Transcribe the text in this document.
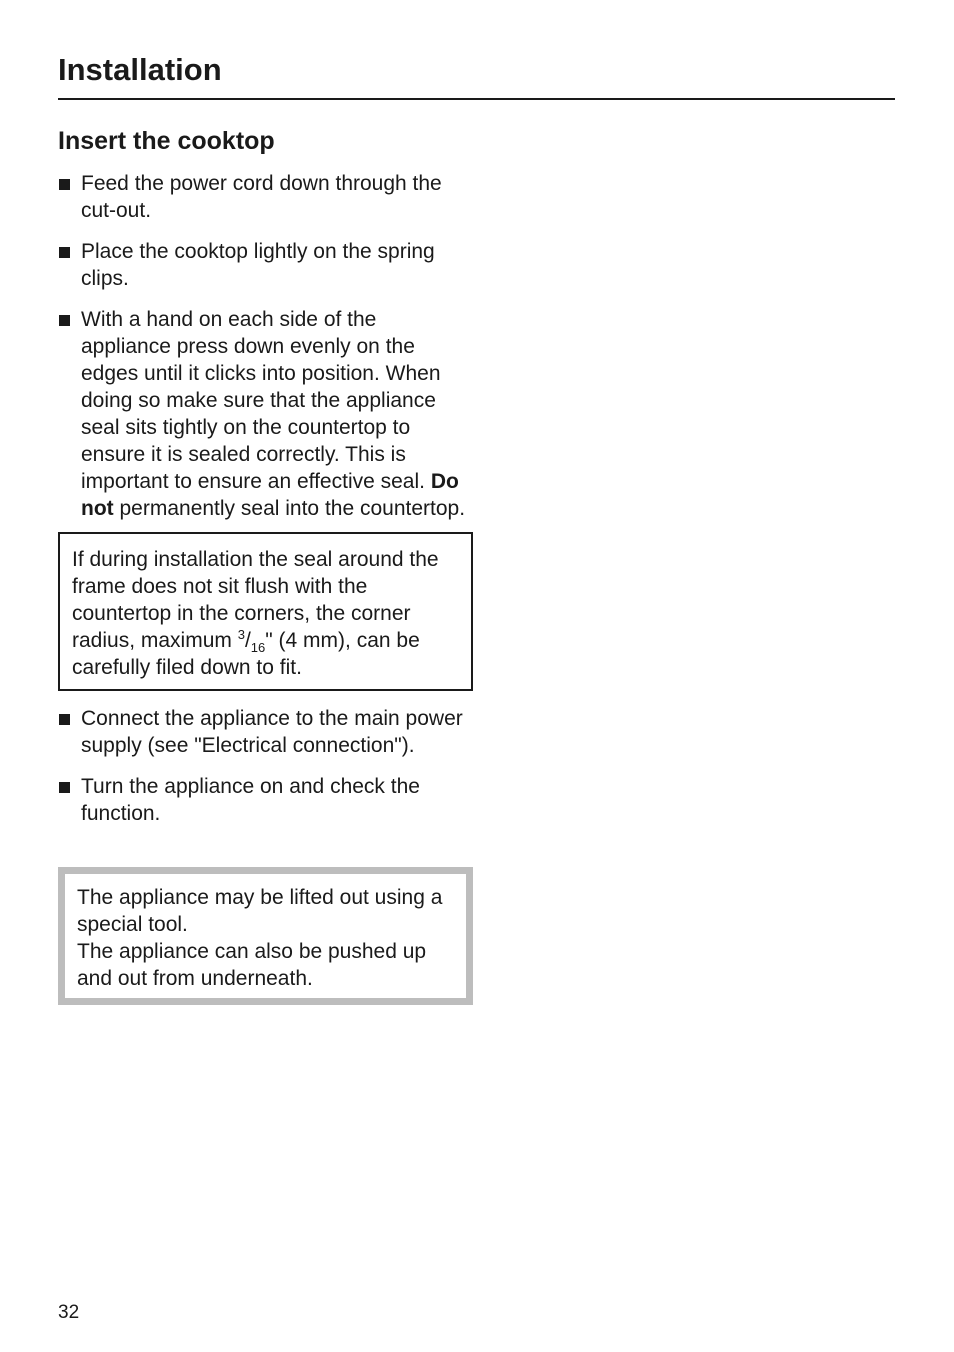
Installation
Insert the cooktop
Feed the power cord down through the cut-out.
Place the cooktop lightly on the spring clips.
With a hand on each side of the appliance press down evenly on the edges until it clicks into position. When doing so make sure that the appliance seal sits tightly on the countertop to ensure it is sealed correctly. This is important to ensure an effective seal. Do not permanently seal into the countertop.
If during installation the seal around the frame does not sit flush with the countertop in the corners, the corner radius, maximum $^3/_{16}$" (4 mm), can be carefully filed down to fit.
Connect the appliance to the main power supply (see "Electrical connection").
Turn the appliance on and check the function.
The appliance may be lifted out using a special tool.
The appliance can also be pushed up and out from underneath.
32
